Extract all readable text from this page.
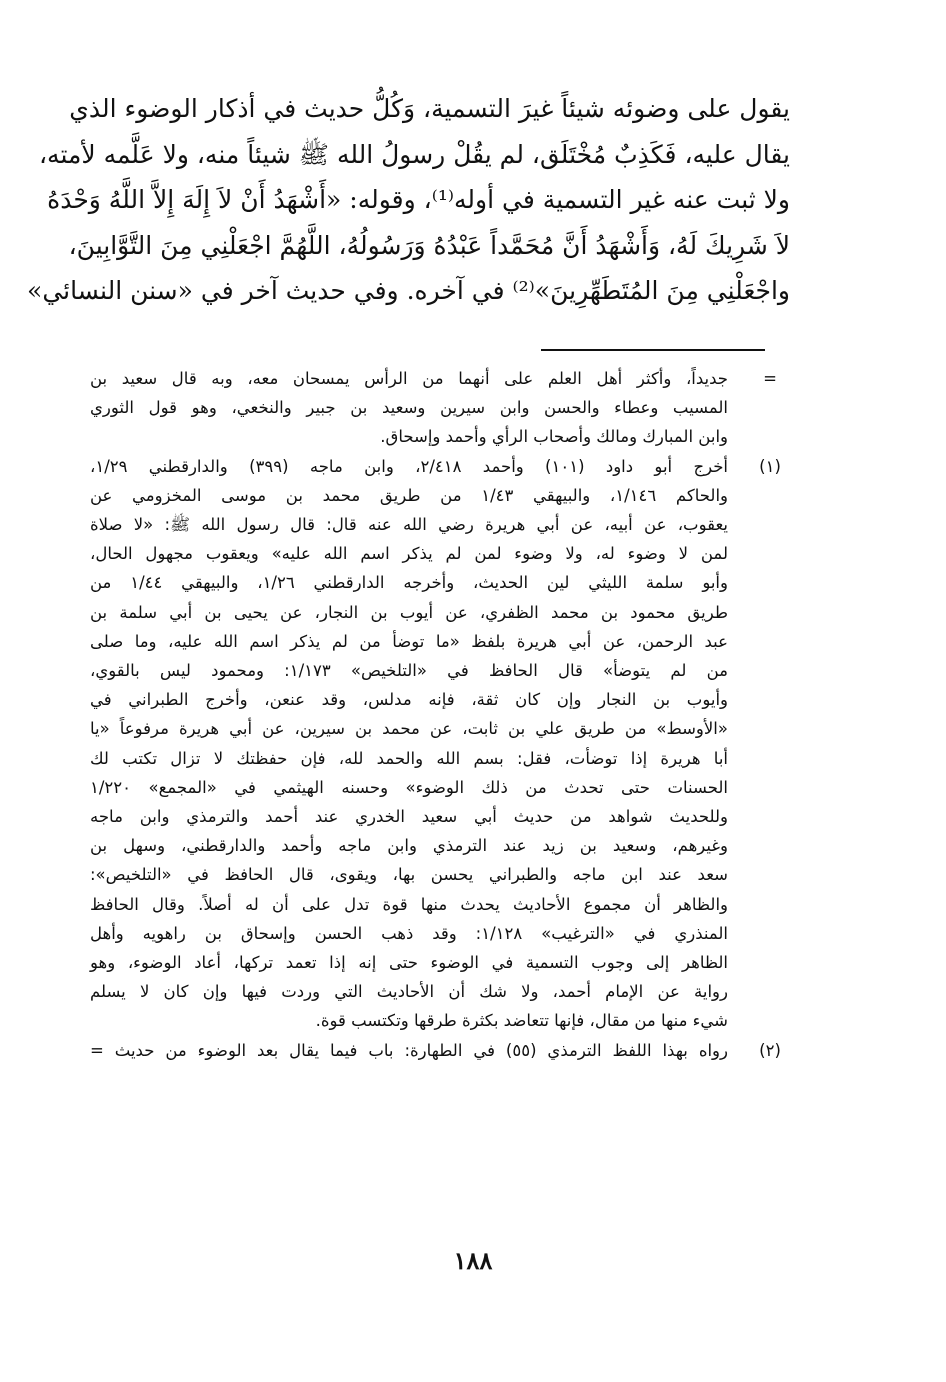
يقول على وضوئه شيئاً غيرَ التسمية، وَكُلُّ حديث في أذكار الوضوء الذي
يقال عليه، فَكَذِبٌ مُخْتَلَق، لم يقُلْ رسولُ الله ﷺ شيئاً منه، ولا عَلَّمه لأمته،
ولا ثبت عنه غير التسمية في أوله⁽¹⁾، وقوله: «أَشْهَدُ أَنْ لاَ إِلَهَ إِلاَّ اللَّهُ وَحْدَهُ
لاَ شَرِيكَ لَهُ، وَأَشْهَدُ أَنَّ مُحَمَّداً عَبْدُهُ وَرَسُولُهُ، اللَّهُمَّ اجْعَلْنِي مِنَ التَّوَّابِينَ،
واجْعَلْنِي مِنَ المُتَطَهِّرِينَ»⁽²⁾ في آخره. وفي حديث آخر في «سنن النسائي»
=
جديداً، وأكثر أهل العلم على أنهما من الرأس يمسحان معه، وبه قال سعيد بن
المسيب وعطاء والحسن وابن سيرين وسعيد بن جبير والنخعي، وهو قول الثوري
وابن المبارك ومالك وأصحاب الرأي وأحمد وإسحاق.
(١)
أخرج أبو داود (١٠١) وأحمد ٢/٤١٨، وابن ماجه (٣٩٩) والدارقطني ١/٢٩،
والحاكم ١/١٤٦، والبيهقي ١/٤٣ من طريق محمد بن موسى المخزومي عن
يعقوب، عن أبيه، عن أبي هريرة رضي الله عنه قال: قال رسول الله ﷺ: «لا صلاة
لمن لا وضوء له، ولا وضوء لمن لم يذكر اسم الله عليه» ويعقوب مجهول الحال،
وأبو سلمة الليثي لين الحديث، وأخرجه الدارقطني ١/٢٦، والبيهقي ١/٤٤ من
طريق محمود بن محمد الظفري، عن أيوب بن النجار، عن يحيى بن أبي سلمة بن
عبد الرحمن، عن أبي هريرة بلفظ «ما توضأ من لم يذكر اسم الله عليه، وما صلى
من لم يتوضأ» قال الحافظ في «التلخيص» ١/١٧٣: ومحمود ليس بالقوي،
وأيوب بن النجار وإن كان ثقة، فإنه مدلس، وقد عنعن، وأخرج الطبراني في
«الأوسط» من طريق علي بن ثابت، عن محمد بن سيرين، عن أبي هريرة مرفوعاً «يا
أبا هريرة إذا توضأت، فقل: بسم الله والحمد لله، فإن حفظتك لا تزال تكتب لك
الحسنات حتى تحدث من ذلك الوضوء» وحسنه الهيثمي في «المجمع» ١/٢٢٠
وللحديث شواهد من حديث أبي سعيد الخدري عند أحمد والترمذي وابن ماجه
وغيرهم، وسعيد بن زيد عند الترمذي وابن ماجه وأحمد والدارقطني، وسهل بن
سعد عند ابن ماجه والطبراني يحسن بها، ويقوى، قال الحافظ في «التلخيص»:
والظاهر أن مجموع الأحاديث يحدث منها قوة تدل على أن له أصلاً. وقال الحافظ
المنذري في «الترغيب» ١/١٢٨: وقد ذهب الحسن وإسحاق بن راهويه وأهل
الظاهر إلى وجوب التسمية في الوضوء حتى إنه إذا تعمد تركها، أعاد الوضوء، وهو
رواية عن الإمام أحمد، ولا شك أن الأحاديث التي وردت فيها وإن كان لا يسلم
شيء منها من مقال، فإنها تتعاضد بكثرة طرقها وتكتسب قوة.
(٢)
رواه بهذا اللفظ الترمذي (٥٥) في الطهارة: باب فيما يقال بعد الوضوء من حديث =
١٨٨
